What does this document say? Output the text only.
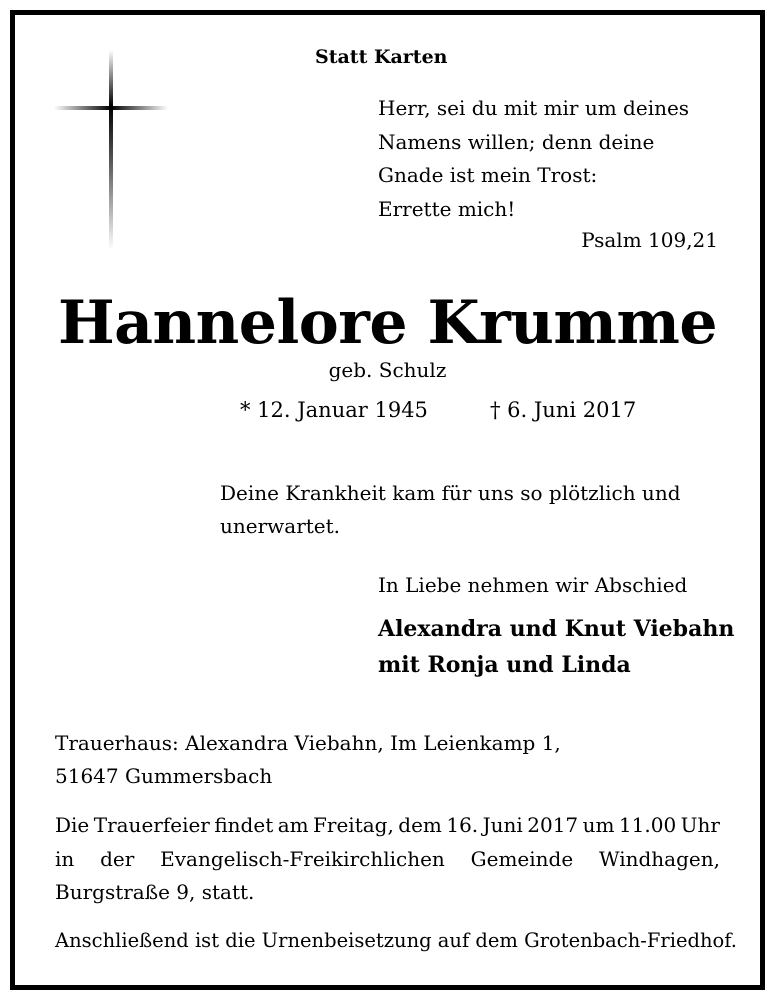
Statt Karten
Herr, sei du mit mir um deines
Namens willen; denn deine
Gnade ist mein Trost:
Errette mich!
Psalm 109,21
Hannelore Krumme
geb. Schulz
* 12. Januar 1945	† 6. Juni 2017
Deine Krankheit kam für uns so plötzlich und
unerwartet.
In Liebe nehmen wir Abschied
Alexandra und Knut Viebahn
mit Ronja und Linda
Trauerhaus: Alexandra Viebahn, Im Leienkamp 1,
51647 Gummersbach
Die Trauerfeier findet am Freitag, dem 16. Juni 2017 um 11.00 Uhr
in der Evangelisch-Freikirchlichen Gemeinde Windhagen,
Burgstraße 9, statt.
Anschließend ist die Urnenbeisetzung auf dem Grotenbach-Friedhof.
